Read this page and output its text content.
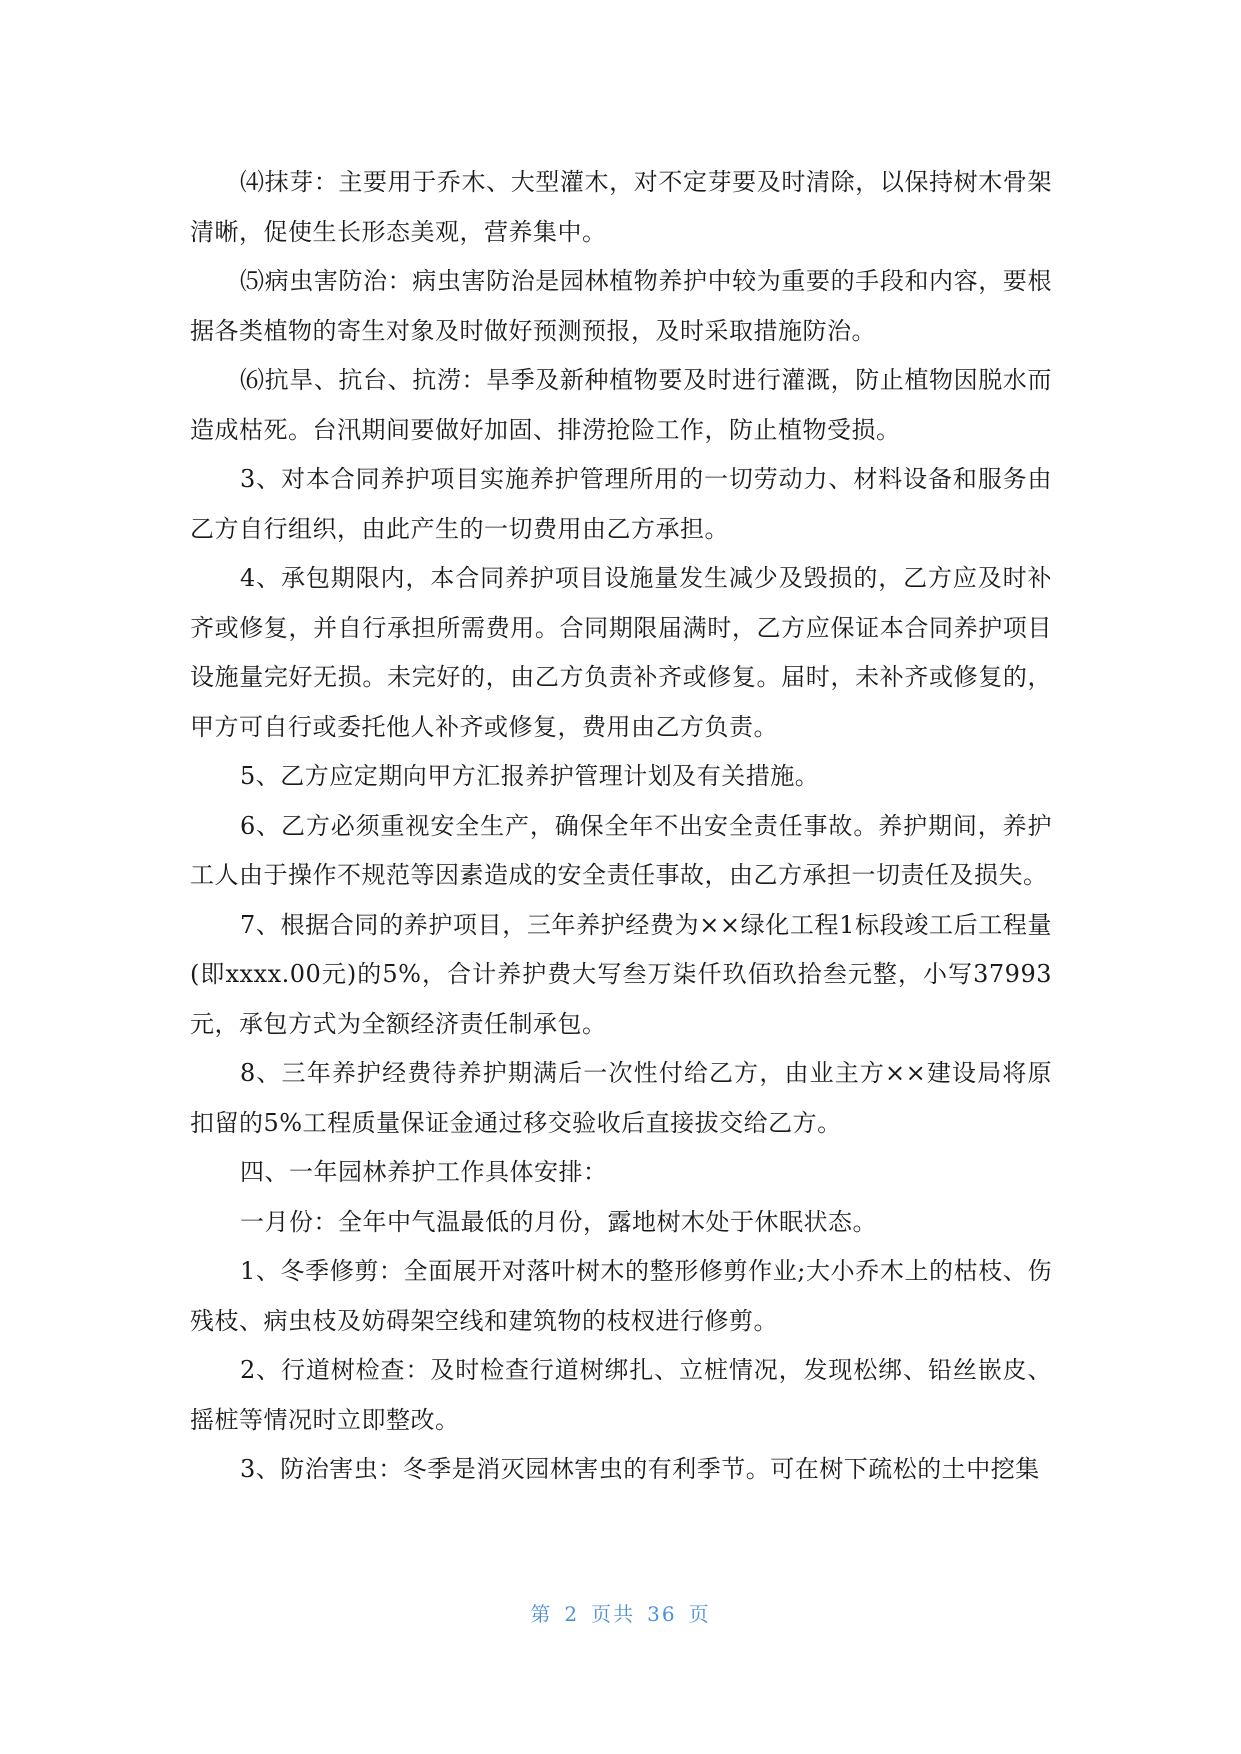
⑷抹芽：主要用于乔木、大型灌木，对不定芽要及时清除，以保持树木骨架清晰，促使生长形态美观，营养集中。

⑸病虫害防治：病虫害防治是园林植物养护中较为重要的手段和内容，要根据各类植物的寄生对象及时做好预测预报，及时采取措施防治。

⑹抗旱、抗台、抗涝：旱季及新种植物要及时进行灌溉，防止植物因脱水而造成枯死。台汛期间要做好加固、排涝抢险工作，防止植物受损。

3、对本合同养护项目实施养护管理所用的一切劳动力、材料设备和服务由乙方自行组织，由此产生的一切费用由乙方承担。

4、承包期限内，本合同养护项目设施量发生减少及毁损的，乙方应及时补齐或修复，并自行承担所需费用。合同期限届满时，乙方应保证本合同养护项目设施量完好无损。未完好的，由乙方负责补齐或修复。届时，未补齐或修复的，甲方可自行或委托他人补齐或修复，费用由乙方负责。

5、乙方应定期向甲方汇报养护管理计划及有关措施。

6、乙方必须重视安全生产，确保全年不出安全责任事故。养护期间，养护工人由于操作不规范等因素造成的安全责任事故，由乙方承担一切责任及损失。

7、根据合同的养护项目，三年养护经费为××绿化工程1标段竣工后工程量(即xxxx.00元)的5%，合计养护费大写叁万柒仟玖佰玖拾叁元整，小写37993元，承包方式为全额经济责任制承包。

8、三年养护经费待养护期满后一次性付给乙方，由业主方××建设局将原扣留的5%工程质量保证金通过移交验收后直接拔交给乙方。

四、一年园林养护工作具体安排：

一月份：全年中气温最低的月份，露地树木处于休眠状态。

1、冬季修剪：全面展开对落叶树木的整形修剪作业;大小乔木上的枯枝、伤残枝、病虫枝及妨碍架空线和建筑物的枝杈进行修剪。

2、行道树检查：及时检查行道树绑扎、立桩情况，发现松绑、铅丝嵌皮、摇桩等情况时立即整改。

3、防治害虫：冬季是消灭园林害虫的有利季节。可在树下疏松的土中挖集

第 2 页共 36 页
